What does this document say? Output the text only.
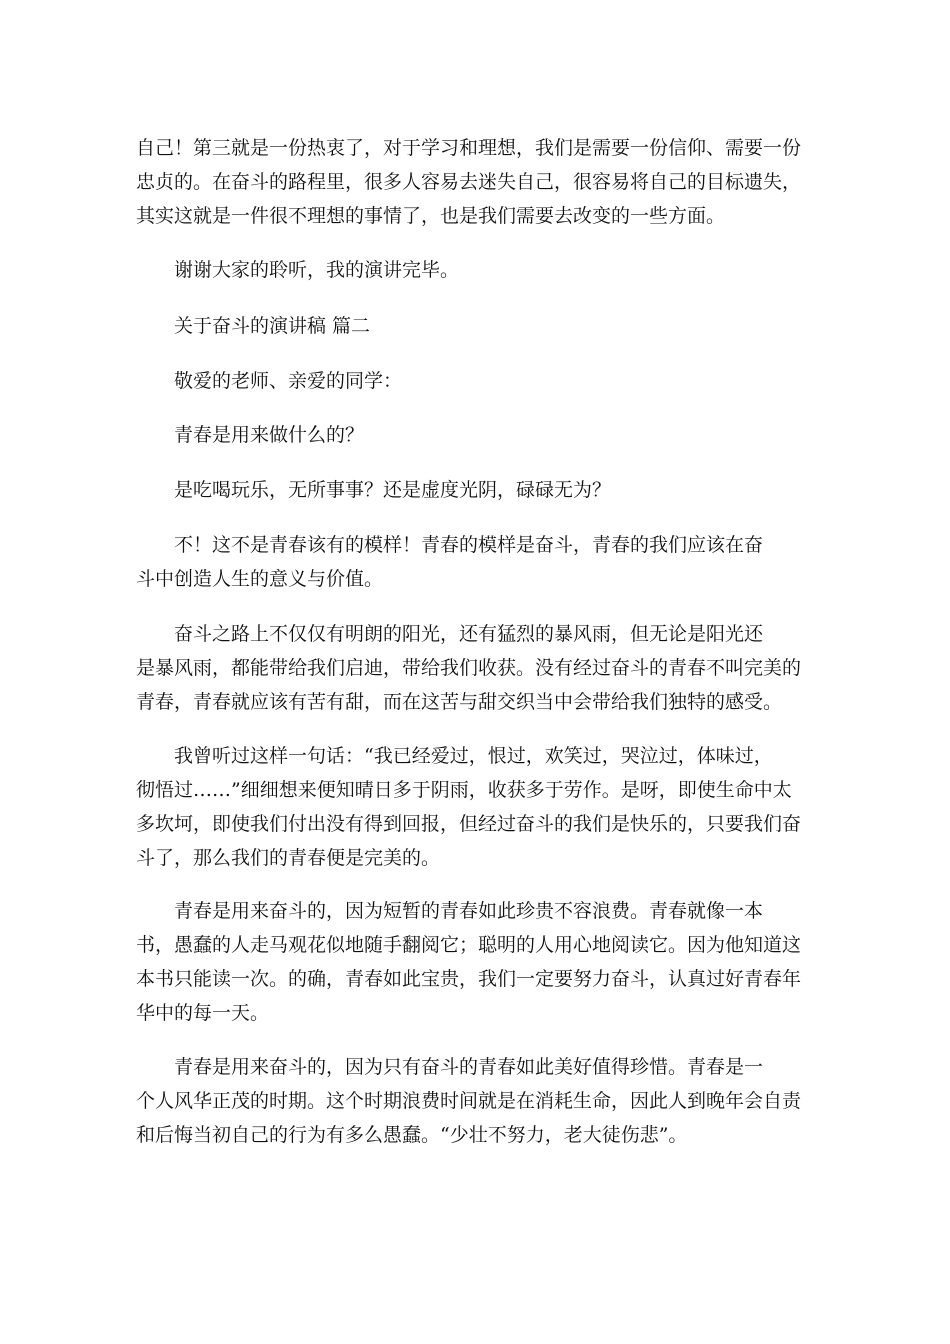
自己！第三就是一份热衷了，对于学习和理想，我们是需要一份信仰、需要一份
忠贞的。在奋斗的路程里，很多人容易去迷失自己，很容易将自己的目标遗失，
其实这就是一件很不理想的事情了，也是我们需要去改变的一些方面。

　　谢谢大家的聆听，我的演讲完毕。

关于奋斗的演讲稿 篇二

　　敬爱的老师、亲爱的同学：

　　青春是用来做什么的？

　　是吃喝玩乐，无所事事？还是虚度光阴，碌碌无为？

　　不！这不是青春该有的模样！青春的模样是奋斗，青春的我们应该在奋
斗中创造人生的意义与价值。

　　奋斗之路上不仅仅有明朗的阳光，还有猛烈的暴风雨，但无论是阳光还
是暴风雨，都能带给我们启迪，带给我们收获。没有经过奋斗的青春不叫完美的
青春，青春就应该有苦有甜，而在这苦与甜交织当中会带给我们独特的感受。

　　我曾听过这样一句话：“我已经爱过，恨过，欢笑过，哭泣过，体味过，
彻悟过……”细细想来便知晴日多于阴雨，收获多于劳作。是呀，即使生命中太
多坎坷，即使我们付出没有得到回报，但经过奋斗的我们是快乐的，只要我们奋
斗了，那么我们的青春便是完美的。

　　青春是用来奋斗的，因为短暂的青春如此珍贵不容浪费。青春就像一本
书，愚蠢的人走马观花似地随手翻阅它；聪明的人用心地阅读它。因为他知道这
本书只能读一次。的确，青春如此宝贵，我们一定要努力奋斗，认真过好青春年
华中的每一天。

　　青春是用来奋斗的，因为只有奋斗的青春如此美好值得珍惜。青春是一
个人风华正茂的时期。这个时期浪费时间就是在消耗生命，因此人到晚年会自责
和后悔当初自己的行为有多么愚蠢。“少壮不努力，老大徒伤悲”。
